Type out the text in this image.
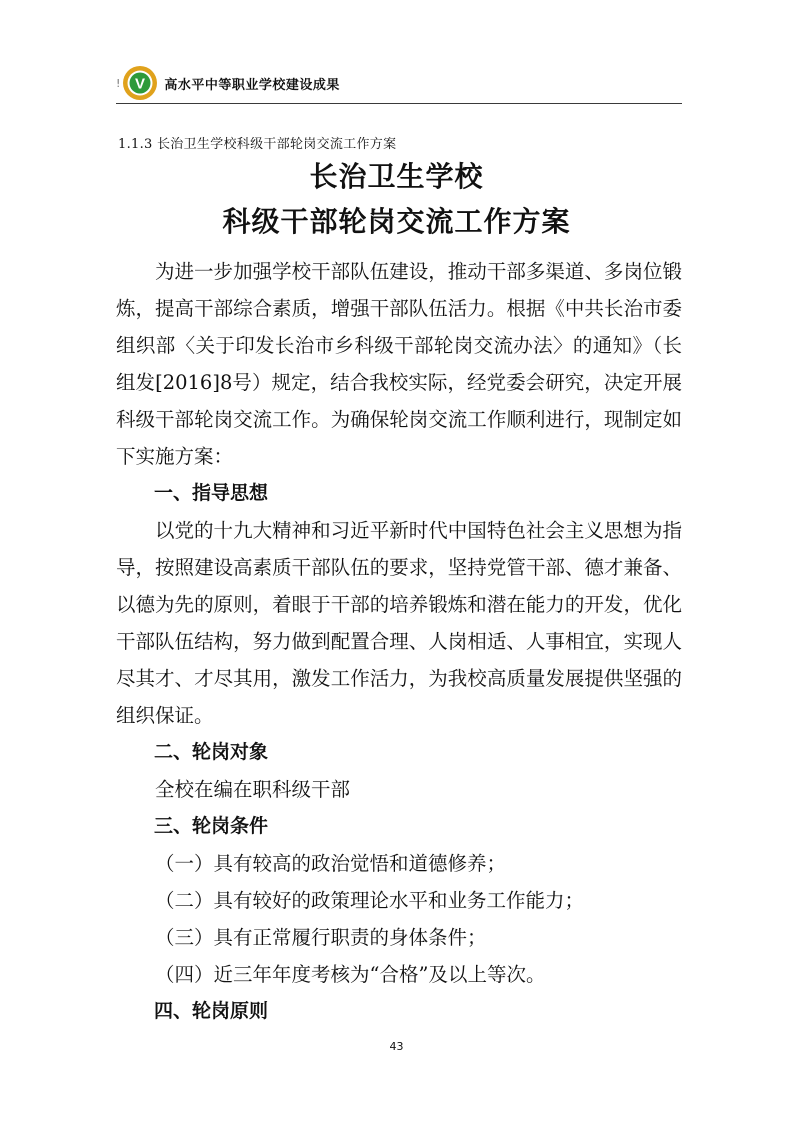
! V 高水平中等职业学校建设成果
1.1.3 长治卫生学校科级干部轮岗交流工作方案
长治卫生学校
科级干部轮岗交流工作方案

为进一步加强学校干部队伍建设，推动干部多渠道、多岗位锻炼，提高干部综合素质，增强干部队伍活力。根据《中共长治市委组织部〈关于印发长治市乡科级干部轮岗交流办法〉的通知》（长组发[2016]8号）规定，结合我校实际，经党委会研究，决定开展科级干部轮岗交流工作。为确保轮岗交流工作顺利进行，现制定如下实施方案：

一、指导思想

以党的十九大精神和习近平新时代中国特色社会主义思想为指导，按照建设高素质干部队伍的要求，坚持党管干部、德才兼备、以德为先的原则，着眼于干部的培养锻炼和潜在能力的开发，优化干部队伍结构，努力做到配置合理、人岗相适、人事相宜，实现人尽其才、才尽其用，激发工作活力，为我校高质量发展提供坚强的组织保证。

二、轮岗对象

全校在编在职科级干部

三、轮岗条件

（一）具有较高的政治觉悟和道德修养；

（二）具有较好的政策理论水平和业务工作能力；

（三）具有正常履行职责的身体条件；

（四）近三年年度考核为“合格”及以上等次。

四、轮岗原则

43
